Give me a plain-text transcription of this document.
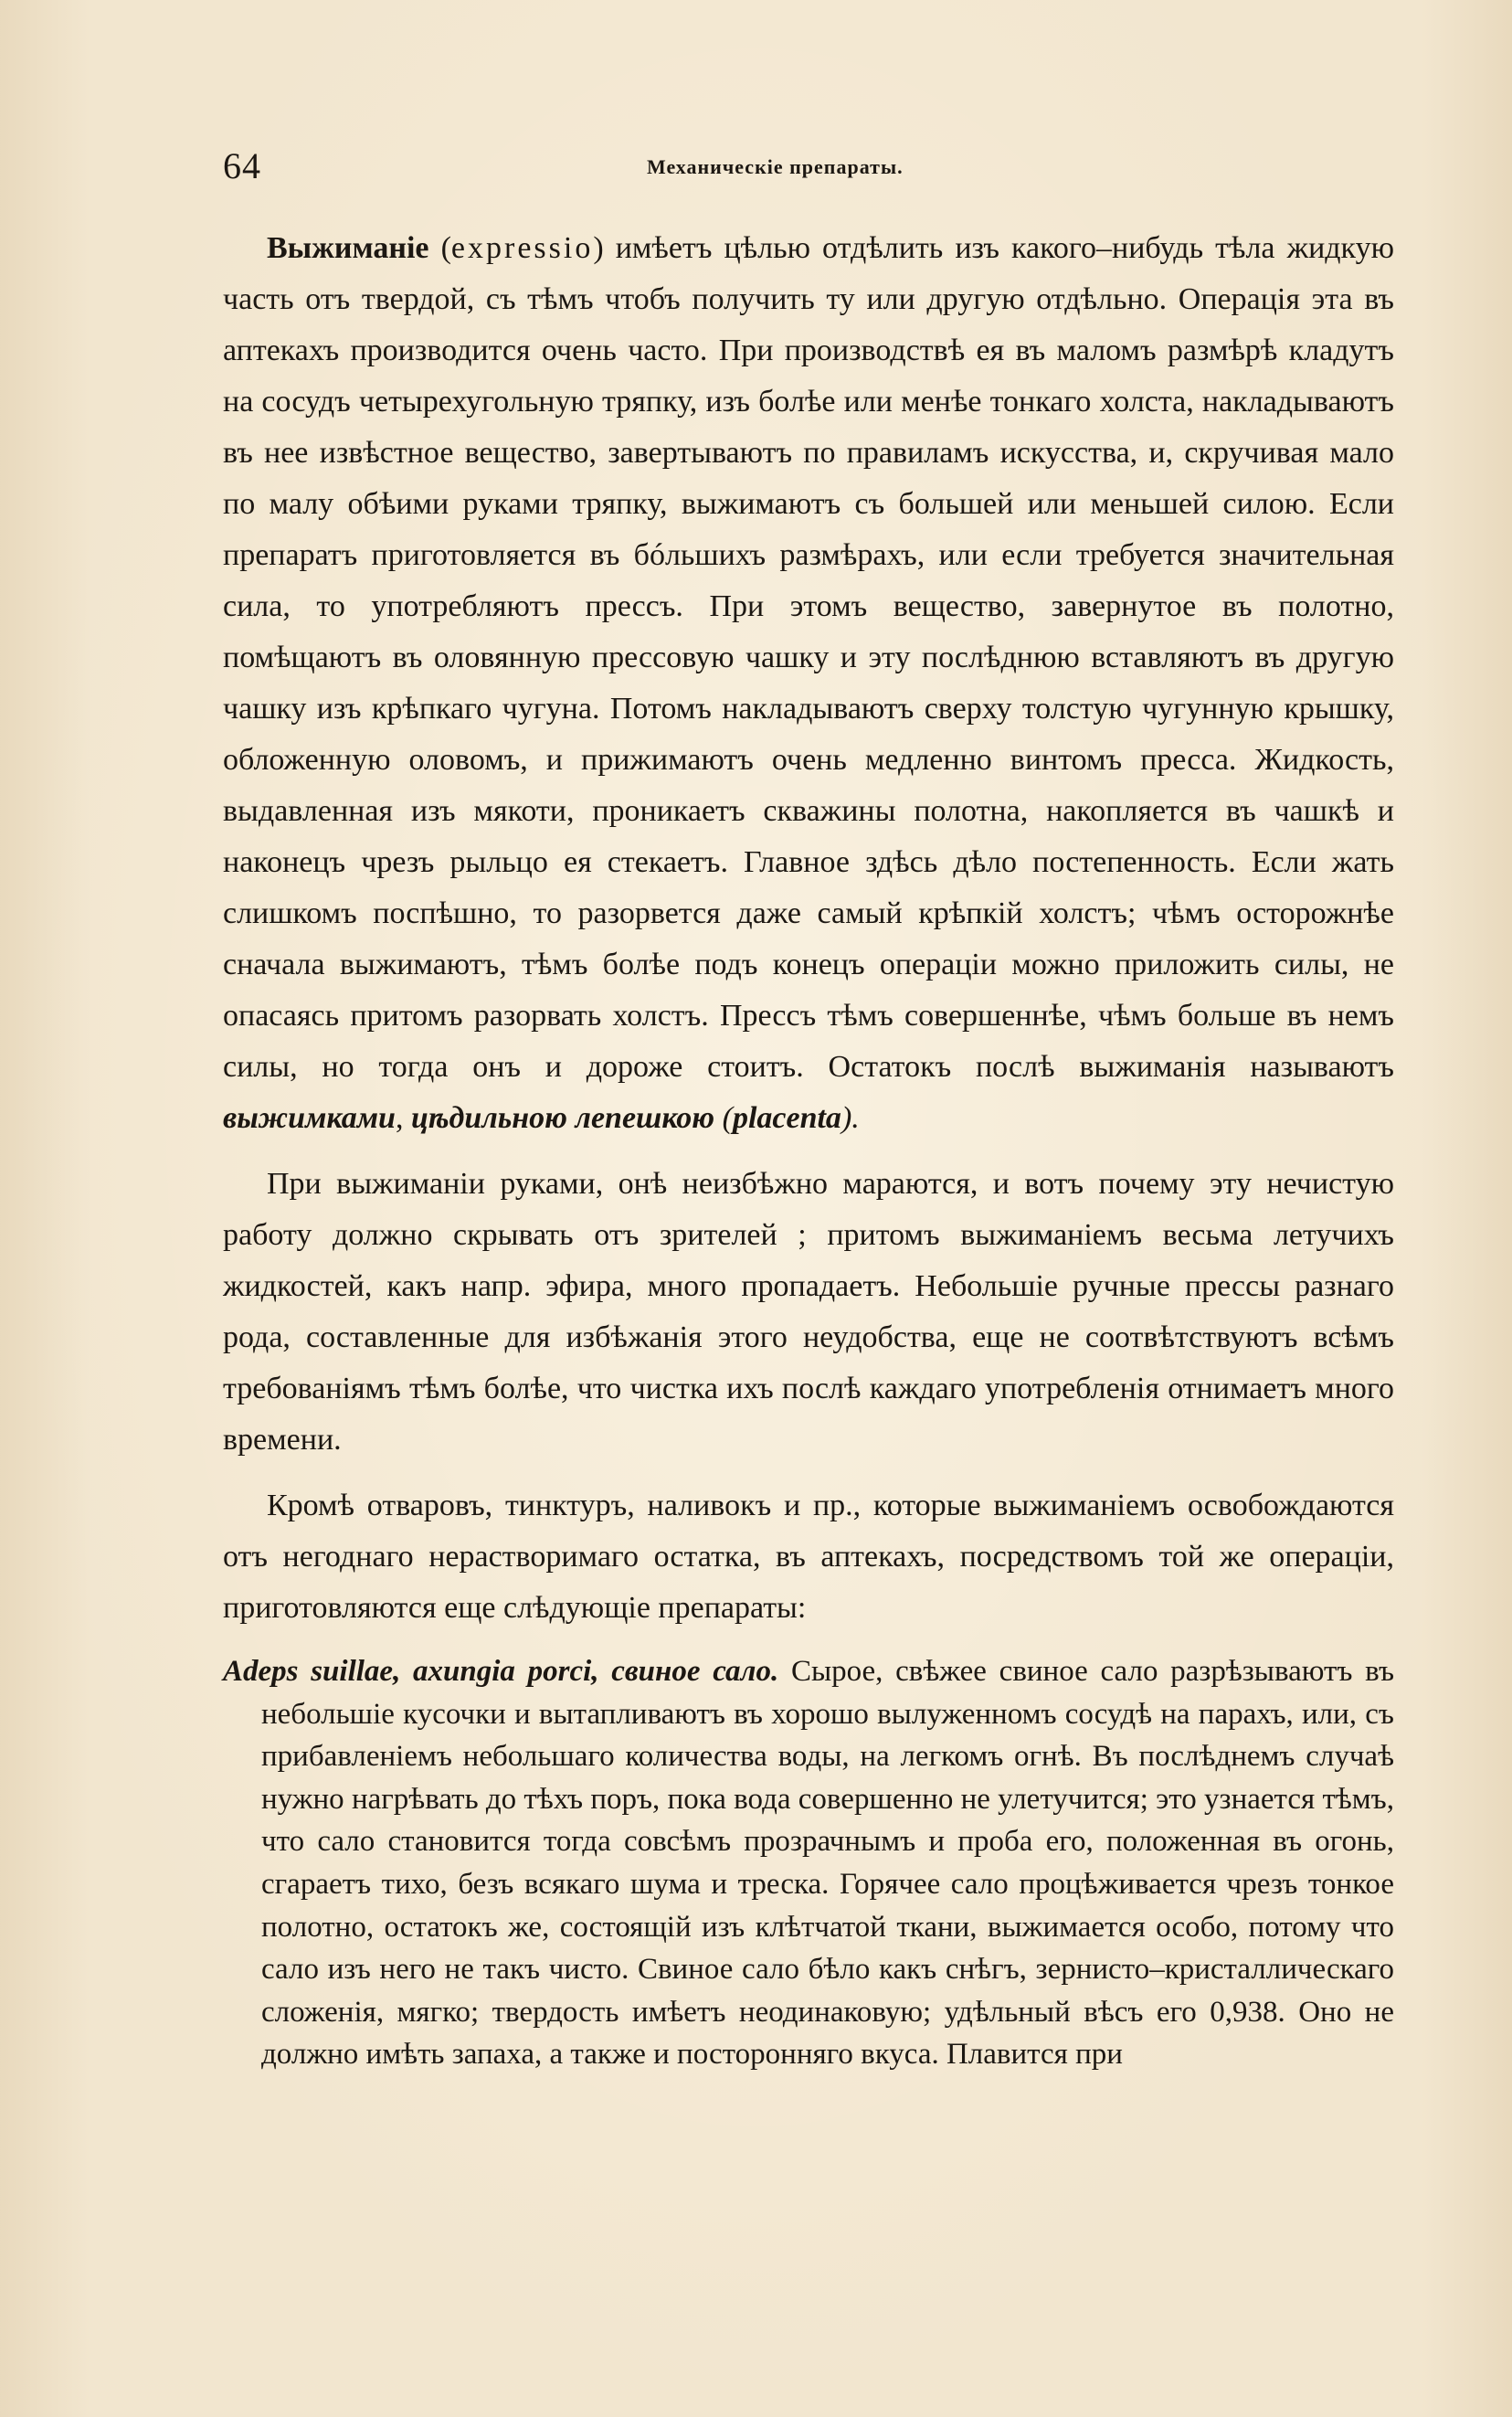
64	Механическіе препараты.

Выжиманіе (expressio) имѣетъ цѣлью отдѣлить изъ какого–нибудь тѣла жидкую часть отъ твердой, съ тѣмъ чтобъ получить ту или другую отдѣльно. Операція эта въ аптекахъ производится очень часто. При производствѣ ея въ маломъ размѣрѣ кладутъ на сосудъ четырехугольную тряпку, изъ болѣе или менѣе тонкаго холста, накладываютъ въ нее извѣстное вещество, завертываютъ по правиламъ искусства, и, скручивая мало по малу обѣими руками тряпку, выжимаютъ съ большей или меньшей силою. Если препаратъ приготовляется въ бóльшихъ размѣрахъ, или если требуется значительная сила, то употребляютъ прессъ. При этомъ вещество, завернутое въ полотно, помѣщаютъ въ оловянную прессовую чашку и эту послѣднюю вставляютъ въ другую чашку изъ крѣпкаго чугуна. Потомъ накладываютъ сверху толстую чугунную крышку, обложенную оловомъ, и прижимаютъ очень медленно винтомъ пресса. Жидкость, выдавленная изъ мякоти, проникаетъ скважины полотна, накопляется въ чашкѣ и наконецъ чрезъ рыльцо ея стекаетъ. Главное здѣсь дѣло постепенность. Если жать слишкомъ поспѣшно, то разорвется даже самый крѣпкій холстъ; чѣмъ осторожнѣе сначала выжимаютъ, тѣмъ болѣе подъ конецъ операціи можно приложить силы, не опасаясь притомъ разорвать холстъ. Прессъ тѣмъ совершеннѣе, чѣмъ больше въ немъ силы, но тогда онъ и дороже стоитъ. Остатокъ послѣ выжиманія называютъ выжимками, цѣдильною лепешкою (placenta).

При выжиманіи руками, онѣ неизбѣжно мараются, и вотъ почему эту нечистую работу должно скрывать отъ зрителей ; притомъ выжиманіемъ весьма летучихъ жидкостей, какъ напр. эфира, много пропадаетъ. Небольшіе ручные прессы разнаго рода, составленные для избѣжанія этого неудобства, еще не соотвѣтствуютъ всѣмъ требованіямъ тѣмъ болѣе, что чистка ихъ послѣ каждаго употребленія отнимаетъ много времени.

Кромѣ отваровъ, тинктуръ, наливокъ и пр., которые выжиманіемъ освобождаются отъ негоднаго нерастворимаго остатка, въ аптекахъ, посредствомъ той же операціи, приготовляются еще слѣдующіе препараты:

Adeps suillae, axungia porci, свиное сало. Сырое, свѣжее свиное сало разрѣзываютъ въ небольшіе кусочки и вытапливаютъ въ хорошо вылуженномъ сосудѣ на парахъ, или, съ прибавленіемъ небольшаго количества воды, на легкомъ огнѣ. Въ послѣднемъ случаѣ нужно нагрѣвать до тѣхъ поръ, пока вода совершенно не улетучится; это узнается тѣмъ, что сало становится тогда совсѣмъ прозрачнымъ и проба его, положенная въ огонь, сгараетъ тихо, безъ всякаго шума и треска. Горячее сало процѣживается чрезъ тонкое полотно, остатокъ же, состоящій изъ клѣтчатой ткани, выжимается особо, потому что сало изъ него не такъ чисто. Свиное сало бѣло какъ снѣгъ, зернисто–кристаллическаго сложенія, мягко; твердость имѣетъ неодинаковую; удѣльный вѣсъ его 0,938. Оно не должно имѣть запаха, а также и посторонняго вкуса. Плавится при
